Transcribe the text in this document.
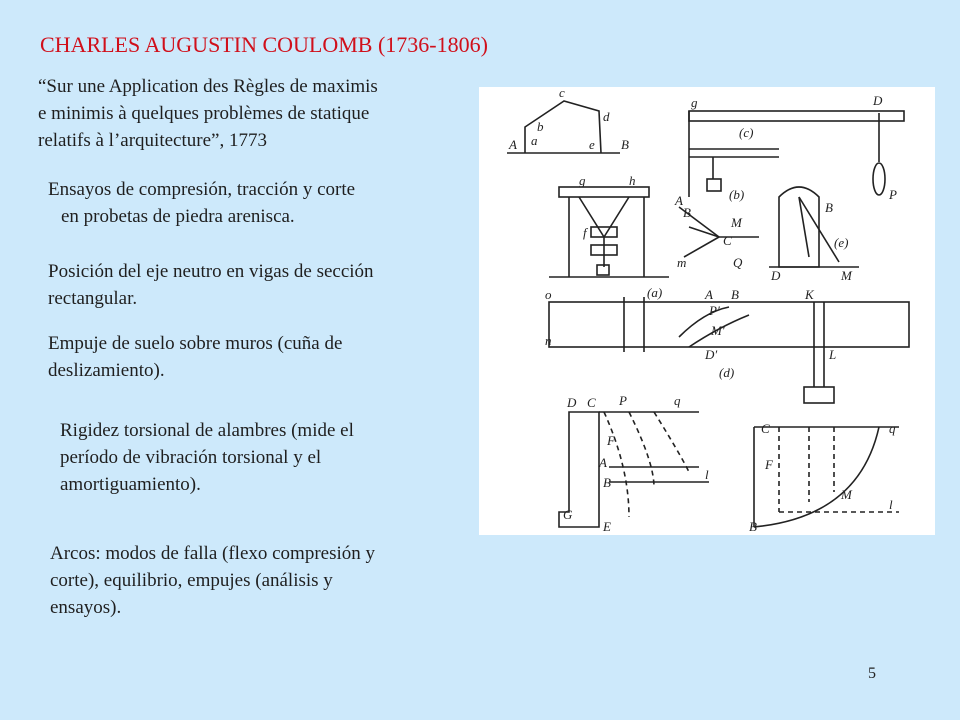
CHARLES AUGUSTIN COULOMB (1736-1806)
“Sur une Application des Règles de maximis
e minimis à quelques problèmes de statique
relatifs à l’arquitecture”, 1773
Ensayos de compresión, tracción y corte
en probetas de piedra arenisca.
Posición del eje neutro en vigas de sección
rectangular.
Empuje de suelo sobre muros (cuña de
deslizamiento).
Rigidez torsional de alambres (mide el
período de vibración torsional y el
amortiguamiento).
Arcos: modos de falla (flexo compresión y
corte), equilibrio, empujes (análisis y
ensayos).
A a
b
c
d
e B
g	D
(c)
P
(b)
g	h
f
A
B
C
m
M
Q
B
(e)
D	M
o	(a)	A B	K
M′
P′
D′
n
(d)
L
D C P	q
F
A
B
l
G
E
C	q
F
M
l
B
5
